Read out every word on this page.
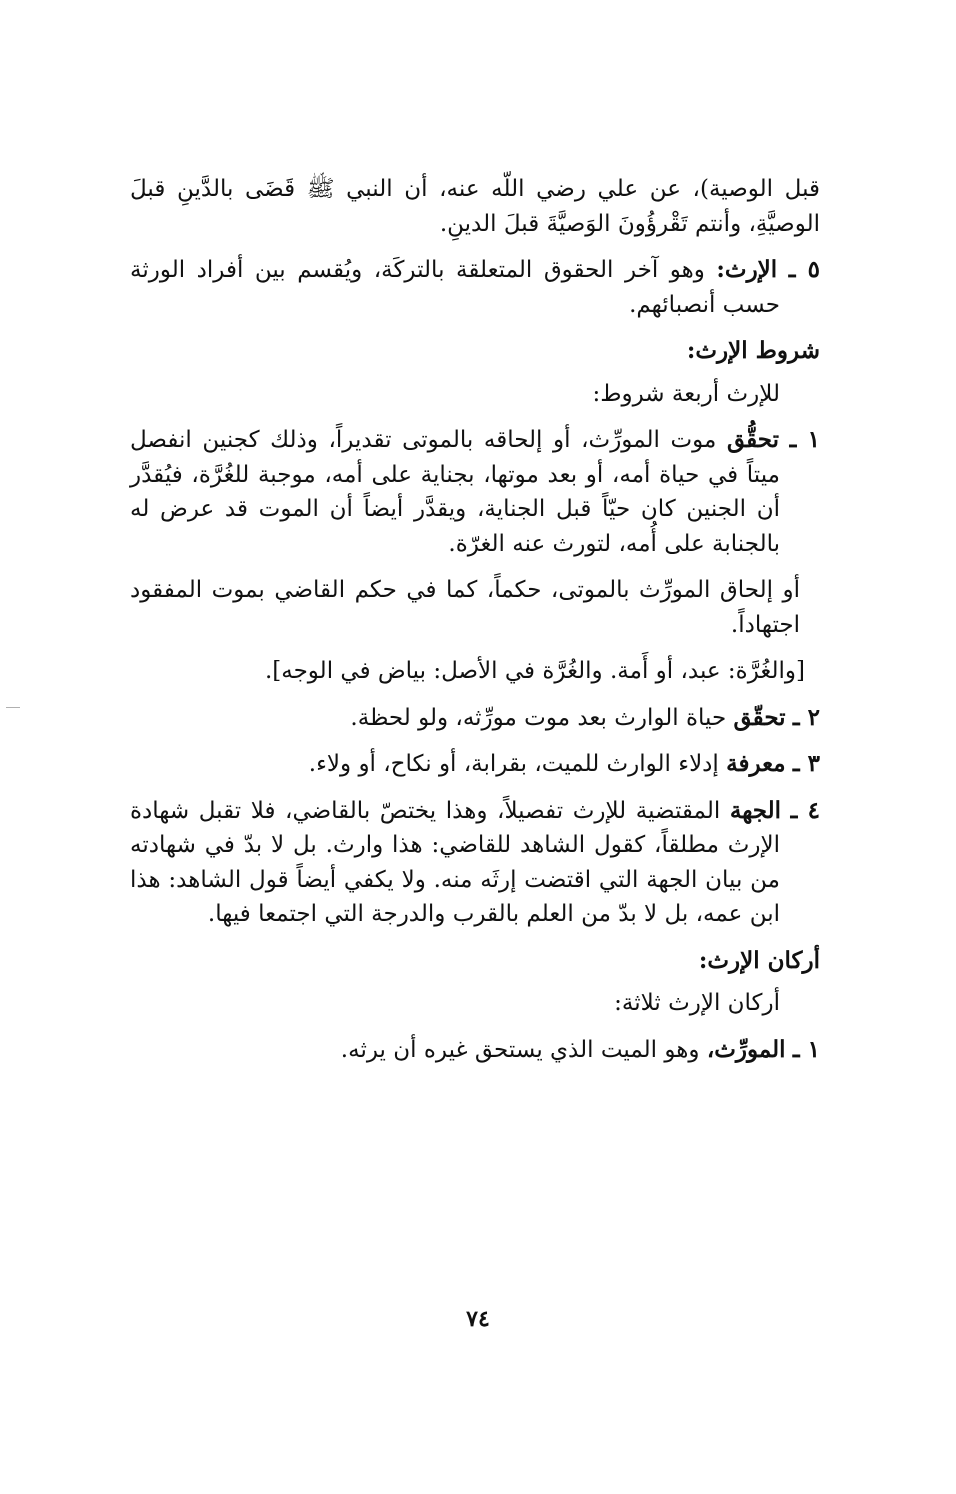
قبل الوصية)، عن علي رضي اللّه عنه، أن النبي ﷺ قَضَى بالدَّينِ قبلَ الوصيَّةِ، وأنتم تَقْرؤُونَ الوَصيَّةَ قبلَ الدينِ.

٥ ـ الإرث: وهو آخر الحقوق المتعلقة بالتركَة، ويُقسم بين أفراد الورثة حسب أنصبائهم.

شروط الإرث:

للإرث أربعة شروط:

١ ـ تحقُّق موت المورِّث، أو إلحاقه بالموتى تقديراً، وذلك كجنين انفصل ميتاً في حياة أمه، أو بعد موتها، بجناية على أمه، موجبة للغُرَّة، فيُقدَّر أن الجنين كان حيّاً قبل الجناية، ويقدَّر أيضاً أن الموت قد عرض له بالجنابة على أُمه، لتورث عنه الغرّة.

أو إلحاق المورِّث بالموتى، حكماً، كما في حكم القاضي بموت المفقود اجتهاداً.

[والغُرَّة: عبد، أو أَمة. والغُرَّة في الأصل: بياض في الوجه].

٢ ـ تحقّق حياة الوارث بعد موت مورِّثه، ولو لحظة.

٣ ـ معرفة إدلاء الوارث للميت، بقرابة، أو نكاح، أو ولاء.

٤ ـ الجهة المقتضية للإرث تفصيلاً، وهذا يختصّ بالقاضي، فلا تقبل شهادة الإرث مطلقاً، كقول الشاهد للقاضي: هذا وارث. بل لا بدّ في شهادته من بيان الجهة التي اقتضت إرثَه منه. ولا يكفي أيضاً قول الشاهد: هذا ابن عمه، بل لا بدّ من العلم بالقرب والدرجة التي اجتمعا فيها.

أركان الإرث:

أركان الإرث ثلاثة:

١ ـ المورِّث، وهو الميت الذي يستحق غيره أن يرثه.

٧٤
